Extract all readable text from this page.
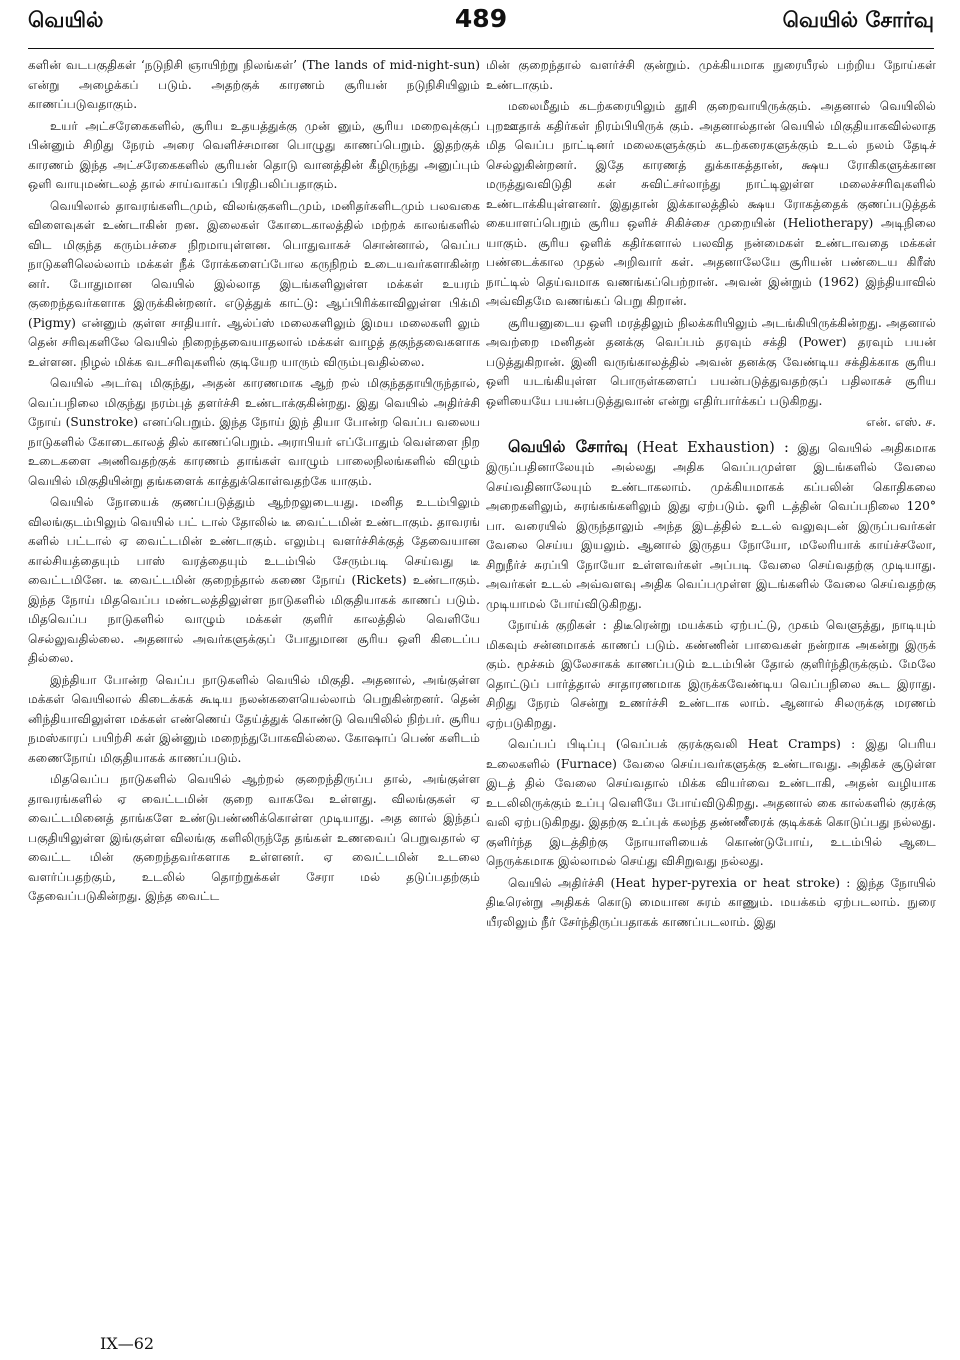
வெயில்	489	வெயில் சோர்வு

களின் வடபகுதிகள் ‘நடுநிசி ஞாயிற்று நிலங்கள்’ (The lands of mid-night-sun) என்று அழைக்கப் படும். அதற்குக் காரணம் சூரியன் நடுநிசியிலும் காணப்படுவதாகும்.

உயர் அட்சரேகைகளில், சூரிய உதயத்துக்கு முன் னும், சூரிய மறைவுக்குப் பின்னும் சிறிது நேரம் அரை வெளிச்சமான பொழுது காணப்பெறும். இதற்குக் காரணம் இந்த அட்சரேகைகளில் சூரியன் தொடு வானத்தின் கீழிருந்து அனுப்பும் ஒளி வாயுமண்டலத் தால் சாய்வாகப் பிரதிபலிப்பதாகும்.

வெயிலால் தாவரங்களிடமும், விலங்குகளிடமும், மனிதர்களிடமும் பலவகை விளைவுகள் உண்டாகின் றன. இலைகள் கோடைகாலத்தில் மற்றக் காலங்களில் விட மிகுந்த கரும்பச்சை நிறமாயுள்ளன. பொதுவாகச் சொன்னால், வெப்ப நாடுகளிலெல்லாம் மக்கள் நீக் ரோக்களைப்போல கருநிறம் உடையவர்களாகின்ற னர். போதுமான வெயில் இல்லாத இடங்களிலுள்ள மக்கள் உயரம் குறைந்தவர்களாக இருக்கின்றனர். எடுத்துக் காட்டு: ஆப்பிரிக்காவிலுள்ள பிக்மி (Pigmy) என்னும் குள்ள சாதியார். ஆல்ப்ஸ் மலைகளிலும் இமய மலைகளி லும் தென் சரிவுகளிலே வெயில் நிறைந்தவையாதலால் மக்கள் வாழத் தகுந்தவைகளாக உள்ளன. நிழல் மிக்க வடசரிவுகளில் குடியேற யாரும் விரும்புவதில்லை.

வெயில் அடர்வு மிகுந்து, அதன் காரணமாக ஆற் றல் மிகுந்ததாயிருந்தால், வெப்பநிலை மிகுந்து நரம்புத் தளர்ச்சி உண்டாக்குகின்றது. இது வெயில் அதிர்ச்சி நோய் (Sunstroke) எனப்பெறும். இந்த நோய் இந் தியா போன்ற வெப்ப வலைய நாடுகளில் கோடைகாலத் தில் காணப்பெறும். அராபியர் எப்போதும் வெள்ளை நிற உடைகளை அணிவதற்குக் காரணம் தாங்கள் வாழும் பாலைநிலங்களில் விழும் வெயில் மிகுதியின்று தங்களைக் காத்துக்கொள்வதற்கே யாகும்.

வெயில் நோயைக் குணப்படுத்தும் ஆற்றலுடையது. மனித உடம்பிலும் விலங்குடம்பிலும் வெயில் பட் டால் தோலில் டீ வைட்டமின் உண்டாகும். தாவரங் களில் பட்டால் ஏ வைட்டமின் உண்டாகும். எலும்பு வளர்ச்சிக்குத் தேவையான கால்சியத்தையும் பாஸ் வரத்தையும் உடம்பில் சேரும்படி செய்வது டீ வைட்டமினே. டீ வைட்டமின் குறைந்தால் கணை நோய் (Rickets) உண்டாகும். இந்த நோய் மிதவெப்ப மண்டலத்திலுள்ள நாடுகளில் மிகுதியாகக் காணப் படும். மிதவெப்ப நாடுகளில் வாழும் மக்கள் குளிர் காலத்தில் வெளியே செல்லுவதில்லை. அதனால் அவர்களுக்குப் போதுமான சூரிய ஒளி கிடைப்ப தில்லை.

இந்தியா போன்ற வெப்ப நாடுகளில் வெயில் மிகுதி. அதனால், அங்குள்ள மக்கள் வெயிலால் கிடைக்கக் கூடிய நலன்களையெல்லாம் பெறுகின்றனர். தென் னிந்தியாவிலுள்ள மக்கள் எண்ணெய் தேய்த்துக் கொண்டு வெயிலில் நிற்பர். சூரிய நமஸ்காரப் பயிற்சி கள் இன்னும் மறைந்துபோகவில்லை. கோஷாப் பெண் களிடம் கணைநோய் மிகுதியாகக் காணப்படும்.

மிதவெப்ப நாடுகளில் வெயில் ஆற்றல் குறைந்திருப்ப தால், அங்குள்ள தாவரங்களில் ஏ வைட்டமின் குறை வாகவே உள்ளது. விலங்குகள் ஏ வைட்டமினைத் தாங்களே உண்டுபண்ணிக்கொள்ள முடியாது. அத னால் இந்தப் பகுதியிலுள்ள இங்குள்ள விலங்கு களிலிருந்தே தங்கள் உணவைப் பெறுவதால் ஏ வைட்ட மின் குறைந்தவர்களாக உள்ளனர். ஏ வைட்டமின் உடலை வளர்ப்பதற்கும், உடலில் தொற்றுக்கள் சேரா மல் தடுப்பதற்கும் தேவைப்படுகின்றது. இந்த வைட்ட

மின் குறைந்தால் வளர்ச்சி குன்றும். முக்கியமாக நுரையீரல் பற்றிய நோய்கள் உண்டாகும்.

மலைமீதும் கடற்கரையிலும் தூசி குறைவாயிருக்கும். அதனால் வெயிலில் புறஊதாக் கதிர்கள் நிரம்பியிருக் கும். அதனால்தான் வெயில் மிகுதியாகவில்லாத மித வெப்ப நாட்டினர் மலைகளுக்கும் கடற்கரைகளுக்கும் உடல் நலம் தேடிச் செல்லுகின்றனர். இதே காரணத் துக்காகத்தான், க்ஷய ரோகிகளுக்கான மருத்துவவிடுதி கள் சுவிட்சர்லாந்து நாட்டிலுள்ள மலைச்சரிவுகளில் உண்டாக்கியுள்ளனர். இதுதான் இக்காலத்தில் க்ஷய ரோகத்தைக் குணப்படுத்தக் கையாளப்பெறும் சூரிய ஒளிச் சிகிச்சை முறையின் (Heliotherapy) அடிநிலை யாகும். சூரிய ஒளிக் கதிர்களால் பலவித நன்மைகள் உண்டாவதை மக்கள் பண்டைக்கால முதல் அறிவார் கள். அதனாலேயே சூரியன் பண்டைய கிரீஸ் நாட்டில் தெய்வமாக வணங்கப்பெற்றான். அவன் இன்றும் (1962) இந்தியாவில் அவ்விதமே வணங்கப் பெறு கிறான்.

சூரியனுடைய ஒளி மரத்திலும் நிலக்கரியிலும் அடங்கியிருக்கின்றது. அதனால் அவற்றை மனிதன் தனக்கு வெப்பம் தரவும் சக்தி (Power) தரவும் பயன் படுத்துகிறான். இனி வருங்காலத்தில் அவன் தனக்கு வேண்டிய சக்திக்காக சூரிய ஒளி யடங்கியுள்ள பொருள்களைப் பயன்படுத்துவதற்குப் பதிலாகச் சூரிய ஒளியையே பயன்படுத்துவான் என்று எதிர்பார்க்கப் படுகிறது.

என். எஸ். ச.

வெயில் சோர்வு (Heat Exhaustion) : இது வெயில் அதிகமாக இருப்பதினாலேயும் அல்லது அதிக வெப்பமுள்ள இடங்களில் வேலை செய்வதினாலேயும் உண்டாகலாம். முக்கியமாகக் கப்பலின் கொதிகலை அறைகளிலும், சுரங்கங்களிலும் இது ஏற்படும். ஓரி டத்தின் வெப்பநிலை 120° பா. வரையில் இருந்தாலும் அந்த இடத்தில் உடல் வலுவுடன் இருப்பவர்கள் வேலை செய்ய இயலும். ஆனால் இருதய நோயோ, மலேரியாக் காய்ச்சலோ, சிறுநீர்ச் சுரப்பி நோயோ உள்ளவர்கள் அப்படி வேலை செய்வதற்கு முடியாது. அவர்கள் உடல் அவ்வளவு அதிக வெப்பமுள்ள இடங்களில் வேலை செய்வதற்கு முடியாமல் போய்விடுகிறது.

நோய்க் குறிகள் : திடீரென்று மயக்கம் ஏற்பட்டு, முகம் வெளுத்து, நாடியும் மிகவும் சன்னமாகக் காணப் படும். கண்ணின் பாவைகள் நன்றாக அகன்று இருக் கும். மூச்சும் இலேசாகக் காணப்படும் உடம்பின் தோல் குளிர்ந்திருக்கும். மேலே தொட்டுப் பார்த்தால் சாதாரணமாக இருக்கவேண்டிய வெப்பநிலை கூட இராது. சிறிது நேரம் சென்று உணர்ச்சி உண்டாக லாம். ஆனால் சிலருக்கு மரணம் ஏற்படுகிறது.

வெப்பப் பிடிப்பு (வெப்பக் குரக்குவலி Heat Cramps) : இது பெரிய உலைகளில் (Furnace) வேலை செய்பவர்களுக்கு உண்டாவது. அதிகச் சூடுள்ள இடத் தில் வேலை செய்வதால் மிக்க வியர்வை உண்டாகி, அதன் வழியாக உடலிலிருக்கும் உப்பு வெளியே போய்விடுகிறது. அதனால் கை கால்களில் குரக்கு வலி ஏற்படுகிறது. இதற்கு உப்புக் கலந்த தண்ணீரைக் குடிக்கக் கொடுப்பது நல்லது. குளிர்ந்த இடத்திற்கு நோயாளியைக் கொண்டுபோய், உடம்பில் ஆடை நெருக்கமாக இல்லாமல் செய்து விசிறுவது நல்லது.

வெயில் அதிர்ச்சி (Heat hyper-pyrexia or heat stroke) : இந்த நோயில் திடீரென்று அதிகக் கொடு மையான சுரம் காணும். மயக்கம் ஏற்படலாம். நுரை யீரலிலும் நீர் சேர்ந்திருப்பதாகக் காணப்படலாம். இது

IX—62
